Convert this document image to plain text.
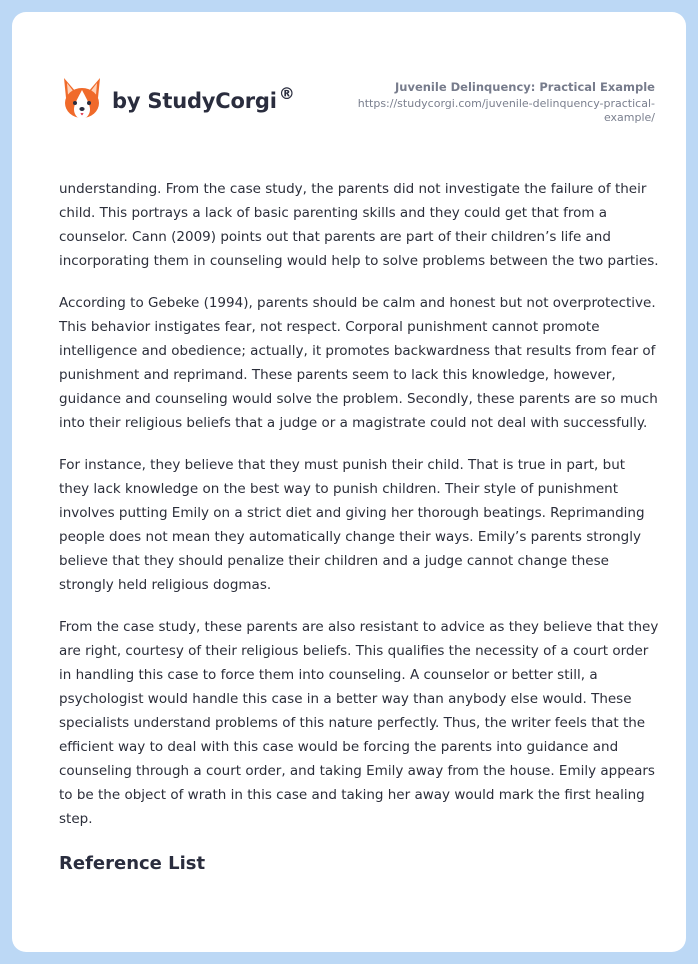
by StudyCorgi ®	Juvenile Delinquency: Practical Example
https://studycorgi.com/juvenile-delinquency-practical-example/

understanding. From the case study, the parents did not investigate the failure of their child. This portrays a lack of basic parenting skills and they could get that from a counselor. Cann (2009) points out that parents are part of their children’s life and incorporating them in counseling would help to solve problems between the two parties.

According to Gebeke (1994), parents should be calm and honest but not overprotective. This behavior instigates fear, not respect. Corporal punishment cannot promote intelligence and obedience; actually, it promotes backwardness that results from fear of punishment and reprimand. These parents seem to lack this knowledge, however, guidance and counseling would solve the problem. Secondly, these parents are so much into their religious beliefs that a judge or a magistrate could not deal with successfully.

For instance, they believe that they must punish their child. That is true in part, but they lack knowledge on the best way to punish children. Their style of punishment involves putting Emily on a strict diet and giving her thorough beatings. Reprimanding people does not mean they automatically change their ways. Emily’s parents strongly believe that they should penalize their children and a judge cannot change these strongly held religious dogmas.

From the case study, these parents are also resistant to advice as they believe that they are right, courtesy of their religious beliefs. This qualifies the necessity of a court order in handling this case to force them into counseling. A counselor or better still, a psychologist would handle this case in a better way than anybody else would. These specialists understand problems of this nature perfectly. Thus, the writer feels that the efficient way to deal with this case would be forcing the parents into guidance and counseling through a court order, and taking Emily away from the house. Emily appears to be the object of wrath in this case and taking her away would mark the first healing step.

Reference List
